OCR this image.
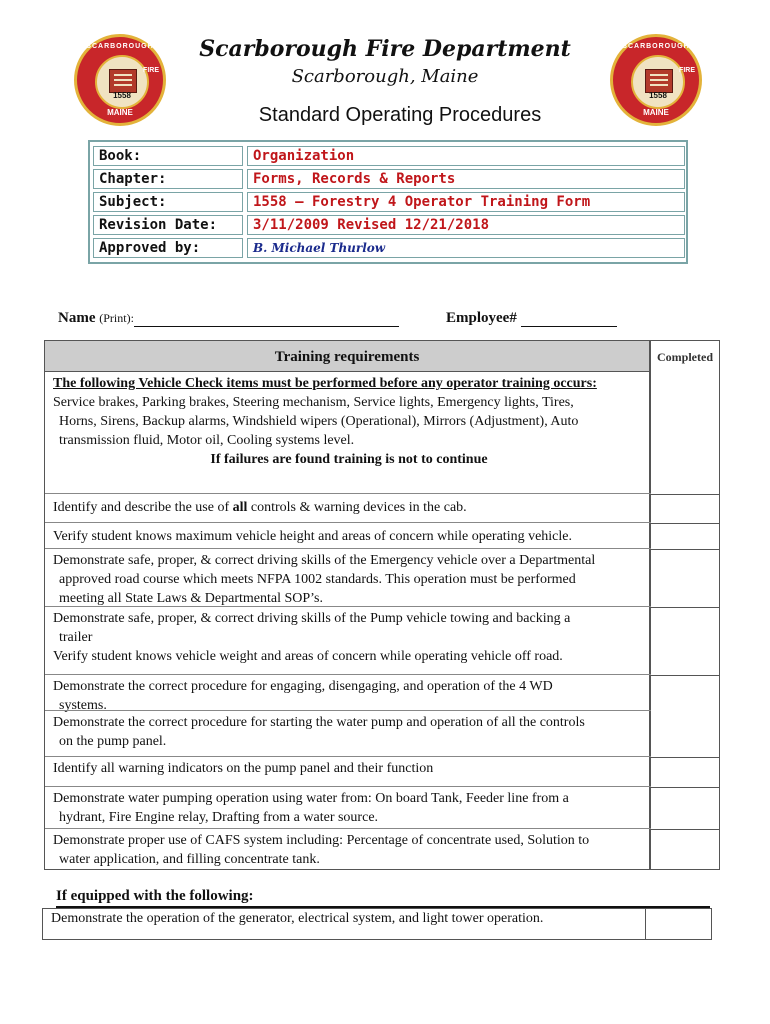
SCARBOROUGH
1558
FIRE
MAINE
SCARBOROUGH
1558
FIRE
MAINE
Scarborough Fire Department
Scarborough, Maine
Standard Operating Procedures
Book:	Organization
Chapter:	Forms, Records & Reports
Subject:	1558 – Forestry 4 Operator Training Form
Revision Date:	3/11/2009 Revised 12/21/2018
Approved by:	B. Michael Thurlow
Name (Print):	Employee#
Training requirements	Completed
The following Vehicle Check items must be performed before any operator training occurs:
Service brakes, Parking brakes, Steering mechanism, Service lights, Emergency lights, Tires,
Horns, Sirens, Backup alarms, Windshield wipers (Operational), Mirrors (Adjustment), Auto
transmission fluid, Motor oil, Cooling systems level.
If failures are found training is not to continue
Identify and describe the use of all controls & warning devices in the cab.
Verify student knows maximum vehicle height and areas of concern while operating vehicle.
Demonstrate safe, proper, & correct driving skills of the Emergency vehicle over a Departmental
approved road course which meets NFPA 1002 standards. This operation must be performed
meeting all State Laws & Departmental SOP’s.
Demonstrate safe, proper, & correct driving skills of the Pump vehicle towing and backing a
trailer
Verify student knows vehicle weight and areas of concern while operating vehicle off road.
Demonstrate the correct procedure for engaging, disengaging, and operation of the 4 WD
systems.
Demonstrate the correct procedure for starting the water pump and operation of all the controls
on the pump panel.
Identify all warning indicators on the pump panel and their function
Demonstrate water pumping operation using water from: On board Tank, Feeder line from a
hydrant, Fire Engine relay, Drafting from a water source.
Demonstrate proper use of CAFS system including: Percentage of concentrate used, Solution to
water application, and filling concentrate tank.
If equipped with the following:
Demonstrate the operation of the generator, electrical system, and light tower operation.
